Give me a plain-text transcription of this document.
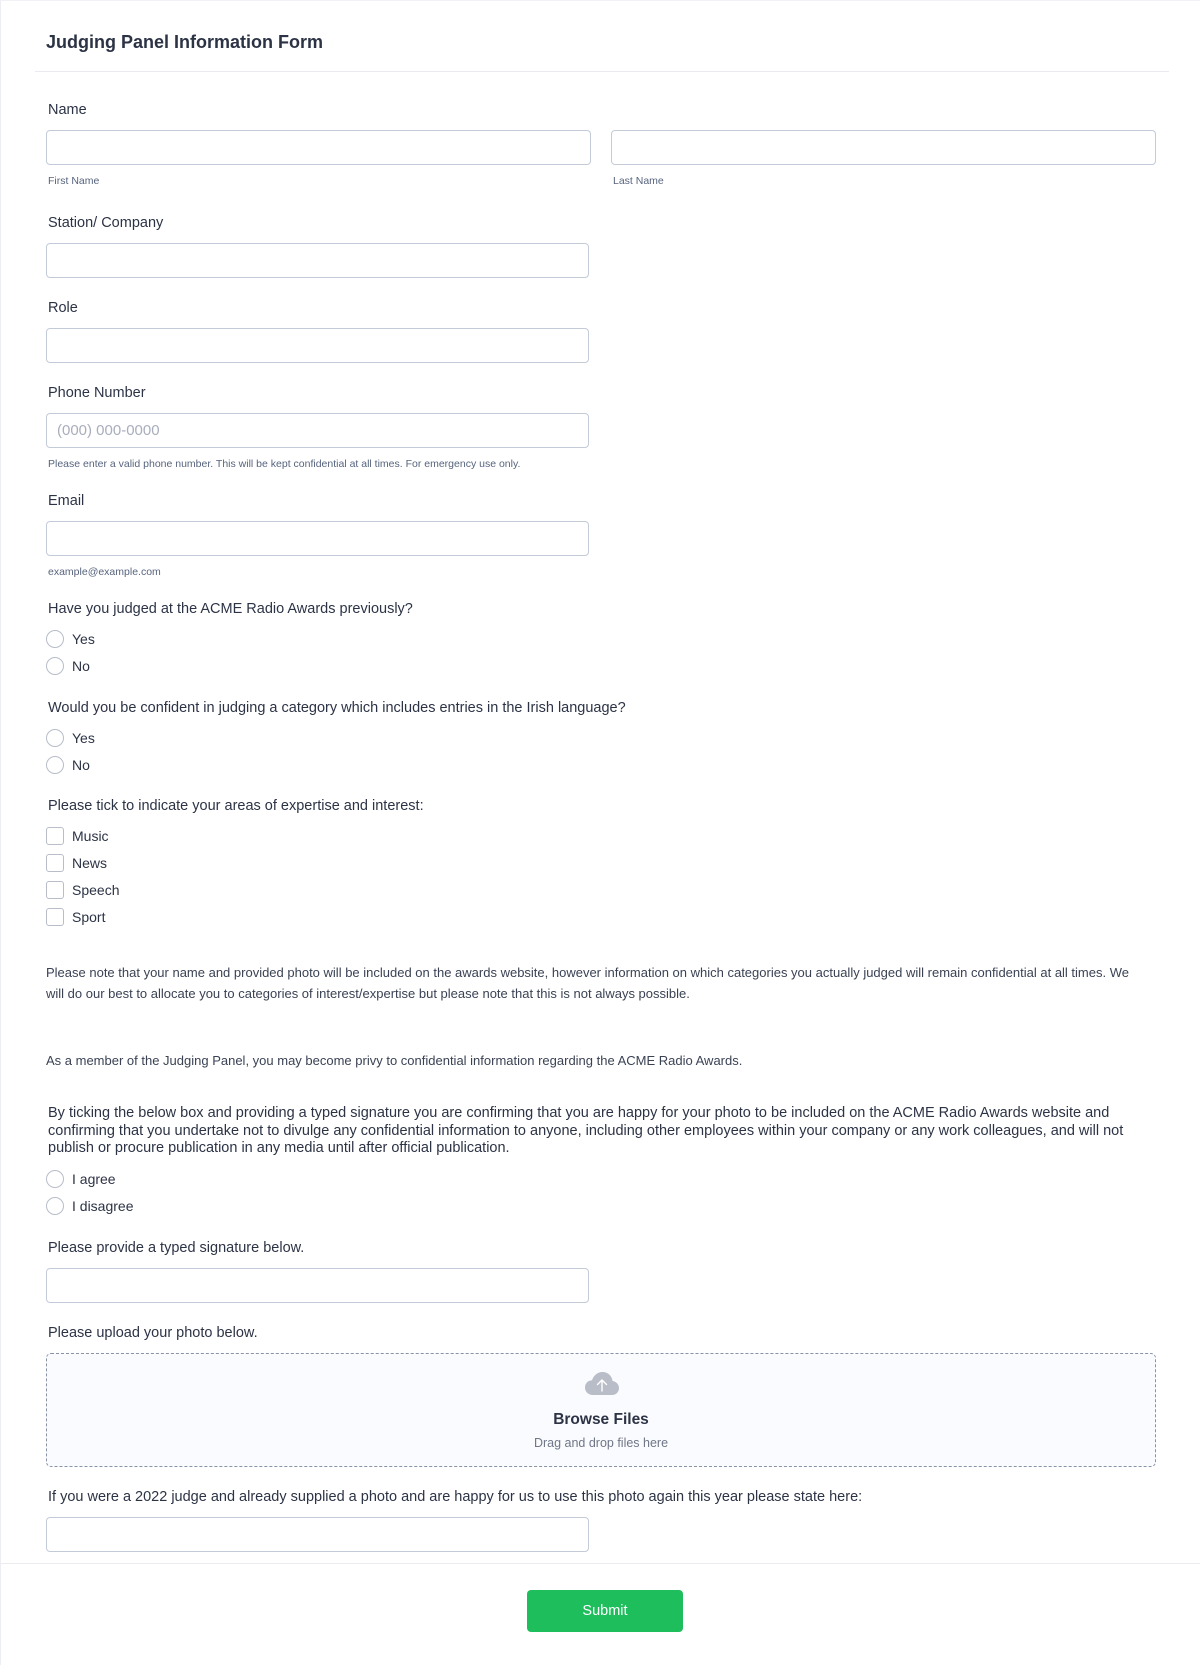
Judging Panel Information Form
Name
First Name	Last Name
Station/ Company
Role
Phone Number
(000) 000-0000
Please enter a valid phone number. This will be kept confidential at all times. For emergency use only.
Email
example@example.com
Have you judged at the ACME Radio Awards previously?
Yes
No
Would you be confident in judging a category which includes entries in the Irish language?
Yes
No
Please tick to indicate your areas of expertise and interest:
Music
News
Speech
Sport
Please note that your name and provided photo will be included on the awards website, however information on which categories you actually judged will remain confidential at all times. We will do our best to allocate you to categories of interest/expertise but please note that this is not always possible.
As a member of the Judging Panel, you may become privy to confidential information regarding the ACME Radio Awards.
By ticking the below box and providing a typed signature you are confirming that you are happy for your photo to be included on the ACME Radio Awards website and confirming that you undertake not to divulge any confidential information to anyone, including other employees within your company or any work colleagues, and will not publish or procure publication in any media until after official publication.
I agree
I disagree
Please provide a typed signature below.
Please upload your photo below.
Browse Files
Drag and drop files here
If you were a 2022 judge and already supplied a photo and are happy for us to use this photo again this year please state here:
Submit
